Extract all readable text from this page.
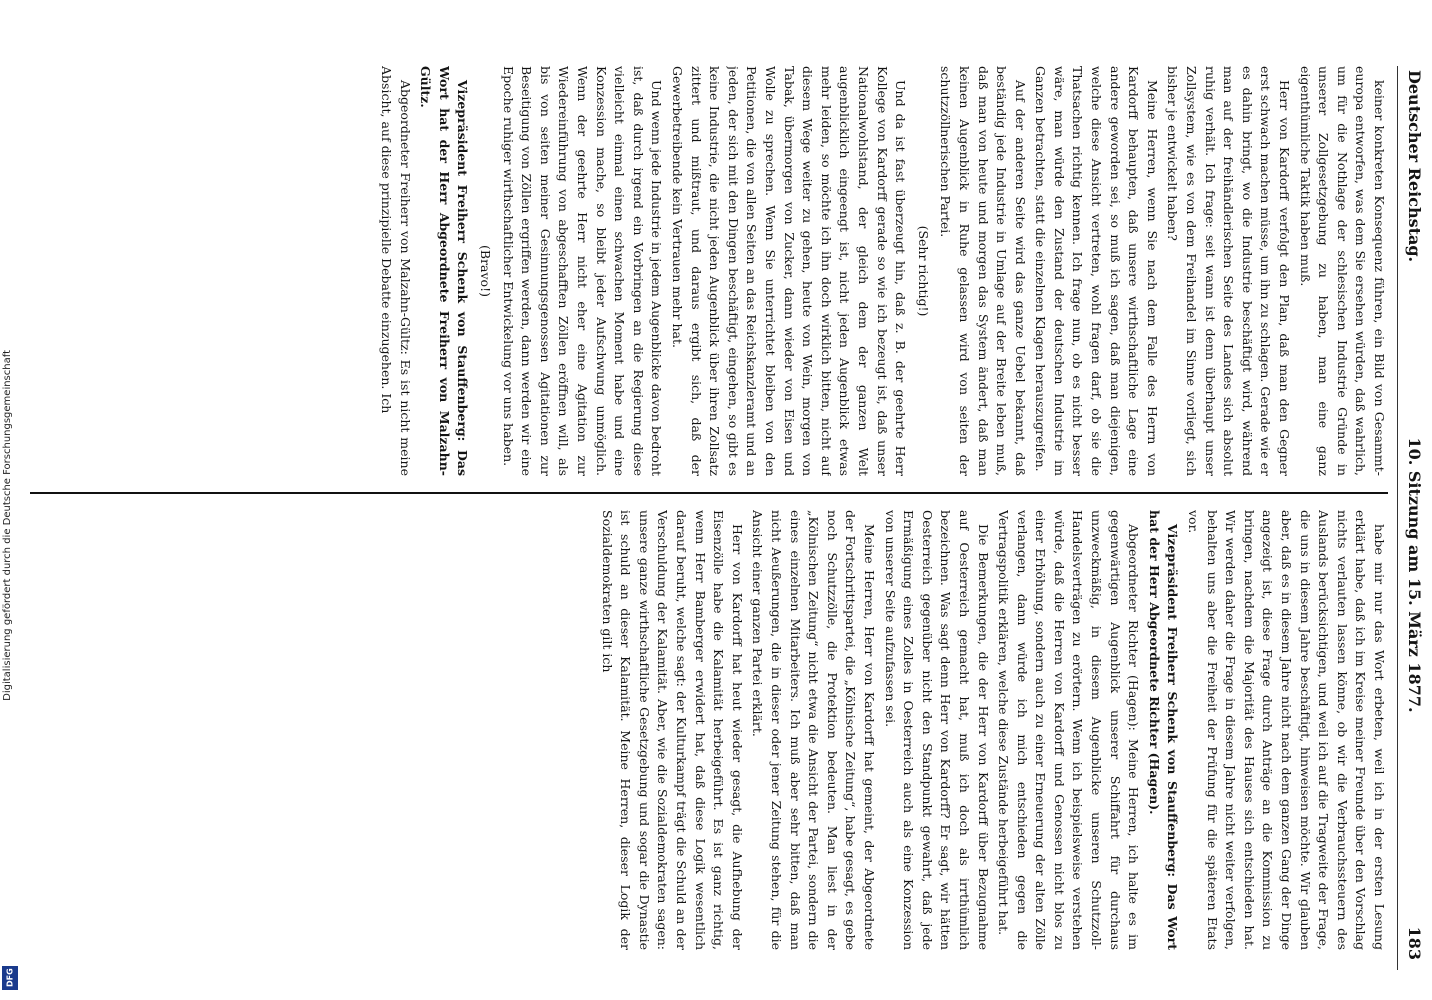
Deutscher Reichstag.
10. Sitzung am 15. März 1877.
183

keiner konkreten Konsequenz führen, ein Bild von Gesammt-europa entworfen, was dem Sie ersehen würden, daß wahrlich, um für die Nothlage der schlesischen Industrie Gründe in unserer Zollgesetzgebung zu haben, man eine ganz eigenthümliche Taktik haben muß.

Herr von Kardorff verfolgt den Plan, daß man den Gegner erst schwach machen müsse, um ihn zu schlagen. Gerade wie er es dahin bringt, wo die Industrie beschäftigt wird, während man auf der freihändlerischen Seite des Landes sich absolut ruhig verhält. Ich frage: seit wann ist denn überhaupt unser Zollsystem, wie es von dem Freihandel im Sinne vorliegt, sich bisher je entwickelt haben?

Meine Herren, wenn Sie nach dem Falle des Herrn von Kardorff behaupten, daß unsere wirthschaftliche Lage eine andere geworden sei, so muß ich sagen, daß man diejenigen, welche diese Ansicht vertreten, wohl fragen darf, ob sie die Thatsachen richtig kennen. Ich frage nun, ob es nicht besser wäre, man würde den Zustand der deutschen Industrie im Ganzen betrachten, statt die einzelnen Klagen herauszugreifen.

Auf der anderen Seite wird das ganze Uebel bekannt, daß beständig jede Industrie in Umlage auf der Breite leben muß, daß man von heute und morgen das System ändert, daß man keinen Augenblick in Ruhe gelassen wird von seiten der schutzzöllnerischen Partei.

(Sehr richtig!)

Und da ist fast überzeugt hin, daß z. B. der geehrte Herr Kollege von Kardorff gerade so wie ich bezeugt ist, daß unser Nationalwohlstand, der gleich dem der ganzen Welt augenblicklich eingeengt ist, nicht jeden Augenblick etwas mehr leiden, so möchte ich ihn doch wirklich bitten, nicht auf diesem Wege weiter zu gehen, heute von Wein, morgen von Tabak, übermorgen von Zucker, dann wieder von Eisen und Wolle zu sprechen. Wenn Sie unterrichtet bleiben von den Petitionen, die von allen Seiten an das Reichskanzleramt und an jeden, der sich mit den Dingen beschäftigt, eingehen, so gibt es keine Industrie, die nicht jeden Augenblick über ihren Zollsatz zittert und mißtraut, und daraus ergibt sich, daß der Gewerbetreibende kein Vertrauen mehr hat.

Und wenn jede Industrie in jedem Augenblicke davon bedroht ist, daß durch irgend ein Vorbringen an die Regierung diese vielleicht einmal einen schwachen Moment habe und eine Konzession mache, so bleibt jeder Aufschwung unmöglich. Wenn der geehrte Herr nicht eher eine Agitation zur Wiedereinführung von abgeschafften Zöllen eröffnen will, als bis von seiten meiner Gesinnungsgenossen Agitationen zur Beseitigung von Zöllen ergriffen werden, dann werden wir eine Epoche ruhiger wirthschaftlicher Entwickelung vor uns haben.

(Bravo!)

Vizepräsident Freiherr Schenk von Stauffenberg: Das Wort hat der Herr Abgeordnete Freiherr von Malzahn-Gültz.

Abgeordneter Freiherr von Malzahn-Gültz: Es ist nicht meine Absicht, auf diese prinzipielle Debatte einzugehen. Ich

habe mir nur das Wort erbeten, weil ich in der ersten Lesung erklärt habe, daß ich im Kreise meiner Freunde über den Vorschlag nichts verlauten lassen könne, ob wir die Verbrauchssteuern des Auslands berücksichtigen, und weil ich auf die Tragweite der Frage, die uns in diesem Jahre beschäftigt, hinweisen möchte. Wir glauben aber, daß es in diesem Jahre nicht nach dem ganzen Gang der Dinge angezeigt ist, diese Frage durch Anträge an die Kommission zu bringen, nachdem die Majorität des Hauses sich entschieden hat. Wir werden daher die Frage in diesem Jahre nicht weiter verfolgen, behalten uns aber die Freiheit der Prüfung für die späteren Etats vor.

Vizepräsident Freiherr Schenk von Stauffenberg: Das Wort hat der Herr Abgeordnete Richter (Hagen).

Abgeordneter Richter (Hagen): Meine Herren, ich halte es im gegenwärtigen Augenblick unserer Schiffahrt für durchaus unzweckmäßig, in diesem Augenblicke unseren Schutzzoll-Handelsverträgen zu erörtern. Wenn ich beispielsweise verstehen würde, daß die Herren von Kardorff und Genossen nicht blos zu einer Erhöhung, sondern auch zu einer Erneuerung der alten Zölle verlangen, dann würde ich mich entschieden gegen die Vertragspolitik erklären, welche diese Zustände herbeigeführt hat.

Die Bemerkungen, die der Herr von Kardorff über Bezugnahme auf Oesterreich gemacht hat, muß ich doch als irrthümlich bezeichnen. Was sagt denn Herr von Kardorff? Er sagt, wir hätten Oesterreich gegenüber nicht den Standpunkt gewahrt, daß jede Ermäßigung eines Zolles in Oesterreich auch als eine Konzession von unserer Seite aufzufassen sei.

Meine Herren, Herr von Kardorff hat gemeint, der Abgeordnete der Fortschrittspartei, die „Kölnische Zeitung“, habe gesagt, es gebe noch Schutzzölle, die Protektion bedeuten. Man liest in der „Kölnischen Zeitung“ nicht etwa die Ansicht der Partei, sondern die eines einzelnen Mitarbeiters. Ich muß aber sehr bitten, daß man nicht Aeußerungen, die in dieser oder jener Zeitung stehen, für die Ansicht einer ganzen Partei erklärt.

Herr von Kardorff hat heut wieder gesagt, die Aufhebung der Eisenzölle habe die Kalamität herbeigeführt. Es ist ganz richtig, wenn Herr Bamberger erwidert hat, daß diese Logik wesentlich darauf beruht, welche sagt: der Kulturkampf trägt die Schuld an der Verschuldung der Kalamität. Aber, wie die Sozialdemokraten sagen: unsere ganze wirthschaftliche Gesetzgebung und sogar die Dynastie ist schuld an dieser Kalamität. Meine Herren, dieser Logik der Sozialdemokraten gilt ich

Digitalisierung gefördert durch die Deutsche Forschungsgemeinschaft
DFG
